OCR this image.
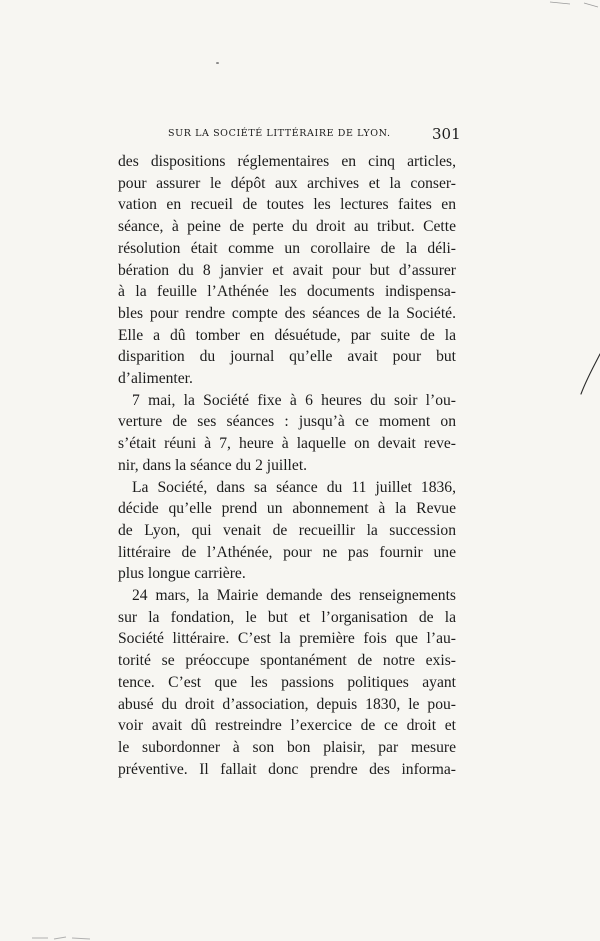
SUR LA SOCIÉTÉ LITTÉRAIRE DE LYON.	301

des dispositions réglementaires en cinq articles,
pour assurer le dépôt aux archives et la conser-
vation en recueil de toutes les lectures faites en
séance, à peine de perte du droit au tribut. Cette
résolution était comme un corollaire de la déli-
bération du 8 janvier et avait pour but d’assurer
à la feuille l’Athénée les documents indispensa-
bles pour rendre compte des séances de la Société.
Elle a dû tomber en désuétude, par suite de la
disparition du journal qu’elle avait pour but
d’alimenter.

7 mai, la Société fixe à 6 heures du soir l’ou-
verture de ses séances : jusqu’à ce moment on
s’était réuni à 7, heure à laquelle on devait reve-
nir, dans la séance du 2 juillet.

La Société, dans sa séance du 11 juillet 1836,
décide qu’elle prend un abonnement à la Revue
de Lyon, qui venait de recueillir la succession
littéraire de l’Athénée, pour ne pas fournir une
plus longue carrière.

24 mars, la Mairie demande des renseignements
sur la fondation, le but et l’organisation de la
Société littéraire. C’est la première fois que l’au-
torité se préoccupe spontanément de notre exis-
tence. C’est que les passions politiques ayant
abusé du droit d’association, depuis 1830, le pou-
voir avait dû restreindre l’exercice de ce droit et
le subordonner à son bon plaisir, par mesure
préventive. Il fallait donc prendre des informa-
